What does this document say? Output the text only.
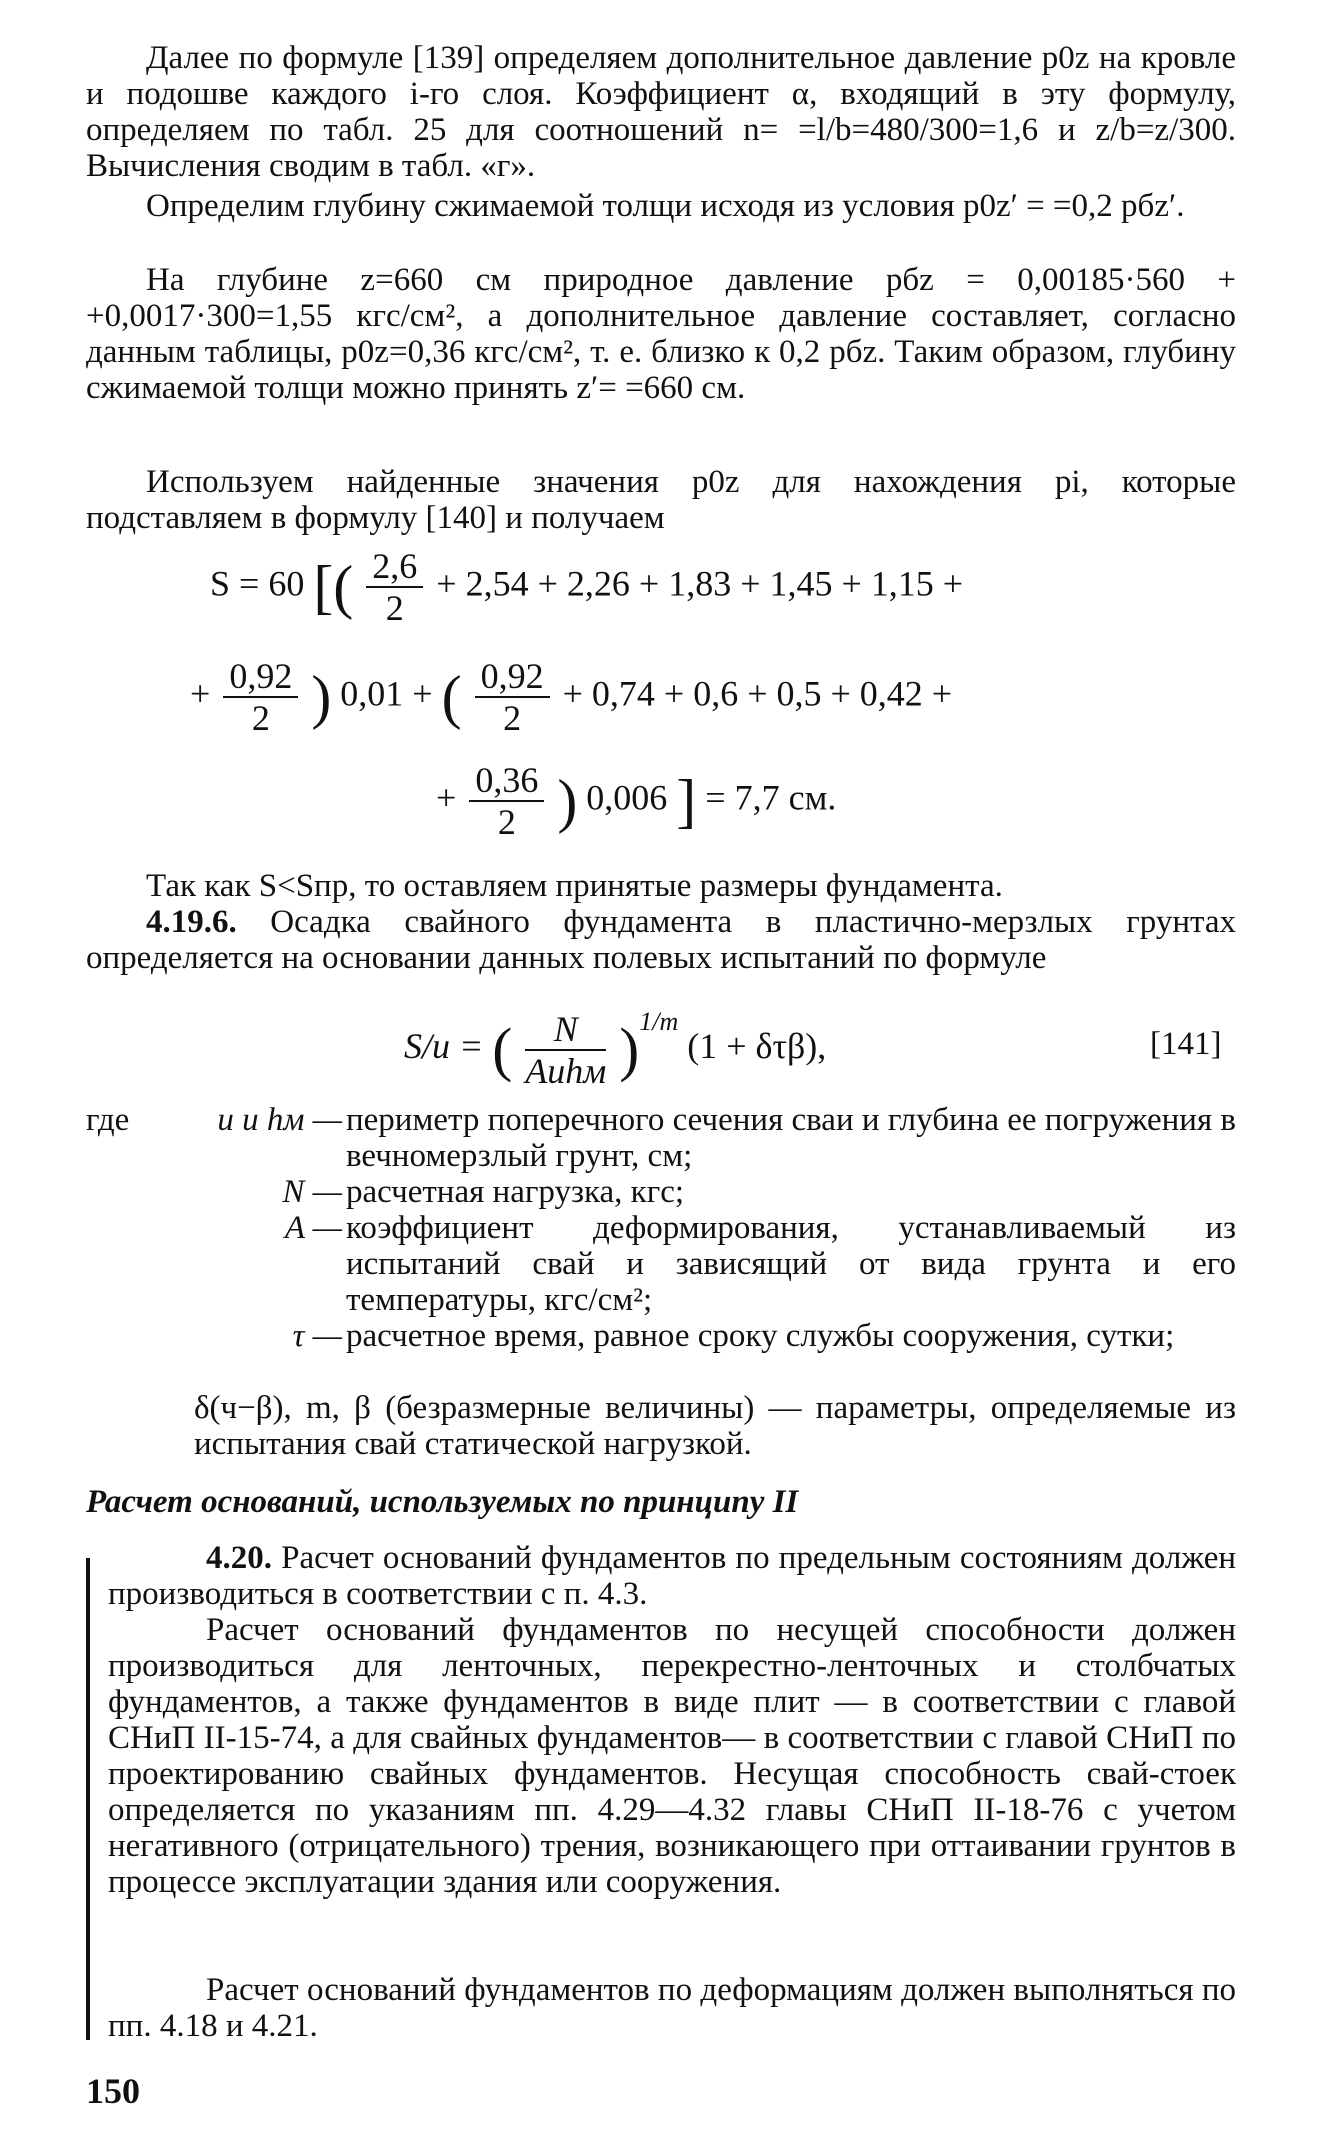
Далее по формуле [139] определяем дополнительное давление p0z на кровле и подошве каждого i-го слоя. Коэффициент α, входящий в эту формулу, определяем по табл. 25 для соотношений n= =l/b=480/300=1,6 и z/b=z/300. Вычисления сводим в табл. «г».

Определим глубину сжимаемой толщи исходя из условия p0z′ = =0,2 pбz′.

На глубине z=660 см природное давление pбz = 0,00185·560 + +0,0017·300=1,55 кгс/см², а дополнительное давление составляет, согласно данным таблицы, p0z=0,36 кгс/см², т. е. близко к 0,2 pбz. Таким образом, глубину сжимаемой толщи можно принять z′= =660 см.

Используем найденные значения p0z для нахождения pi, которые подставляем в формулу [140] и получаем

S = 60 [( $\frac{2,6}{2} + 2,54 + 2,26 + 1,83 + 1,45 + 1,15$ +
+ $\frac{0,92}{2}$ ) 0,01 + ( $\frac{0,92}{2} + 0,74 + 0,6 + 0,5 + 0,42$ +
+ $\frac{0,36}{2}$ ) 0,006 ] = 7,7 см.

Так как S<Sпр, то оставляем принятые размеры фундамента.

4.19.6. Осадка свайного фундамента в пластично-мерзлых грунтах определяется на основании данных полевых испытаний по формуле

S/u = ( $\frac{N}{\text{Auhм}} )^{1/m}$ (1 + δτβ),	[141]
где	u и hм — периметр поперечного сечения сваи и глубина ее погружения в вечномерзлый грунт, см;
N — расчетная нагрузка, кгс;
A — коэффициент деформирования, устанавливаемый из испытаний свай и зависящий от вида грунта и его температуры, кгс/см²;
τ — расчетное время, равное сроку службы сооружения, сутки;
δ(ч−β), m, β (безразмерные величины) — параметры, определяемые из испытания свай статической нагрузкой.
Расчет оснований, используемых по принципу II

4.20. Расчет оснований фундаментов по предельным состояниям должен производиться в соответствии с п. 4.3.

Расчет оснований фундаментов по несущей способности должен производиться для ленточных, перекрестно-ленточных и столбчатых фундаментов, а также фундаментов в виде плит — в соответствии с главой СНиП II-15-74, а для свайных фундаментов— в соответствии с главой СНиП по проектированию свайных фундаментов. Несущая способность свай-стоек определяется по указаниям пп. 4.29—4.32 главы СНиП II-18-76 с учетом негативного (отрицательного) трения, возникающего при оттаивании грунтов в процессе эксплуатации здания или сооружения.

Расчет оснований фундаментов по деформациям должен выполняться по пп. 4.18 и 4.21.

150
